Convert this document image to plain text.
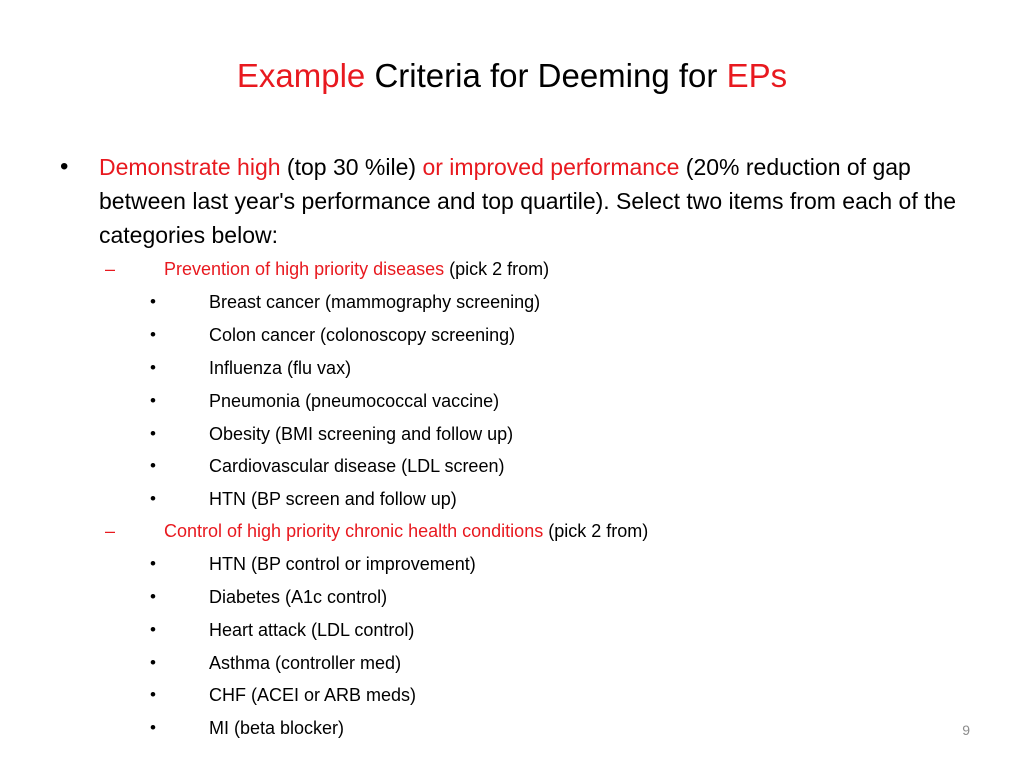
Example Criteria for Deeming for EPs
• Demonstrate high (top 30 %ile) or improved performance (20% reduction of gap between last year's performance and top quartile). Select two items from each of the categories below:
–	Prevention of high priority diseases (pick 2 from)
•	Breast cancer (mammography screening)
•	Colon cancer (colonoscopy screening)
•	Influenza (flu vax)
•	Pneumonia (pneumococcal vaccine)
•	Obesity (BMI screening and follow up)
•	Cardiovascular disease (LDL screen)
•	HTN (BP screen and follow up)
–	Control of high priority chronic health conditions (pick 2 from)
•	HTN (BP control or improvement)
•	Diabetes (A1c control)
•	Heart attack (LDL control)
•	Asthma (controller med)
•	CHF (ACEI or ARB meds)
•	MI (beta blocker)	9
